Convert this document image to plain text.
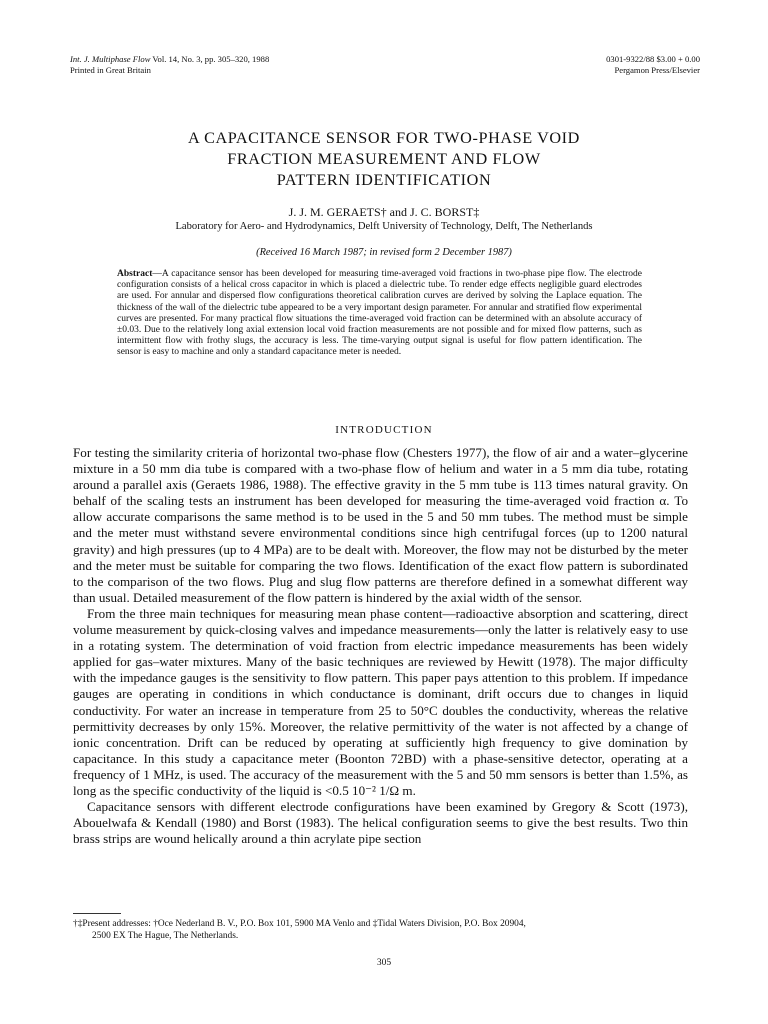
Int. J. Multiphase Flow Vol. 14, No. 3, pp. 305–320, 1988
Printed in Great Britain
0301-9322/88 $3.00 + 0.00
Pergamon Press/Elsevier
A CAPACITANCE SENSOR FOR TWO-PHASE VOID
FRACTION MEASUREMENT AND FLOW
PATTERN IDENTIFICATION
J. J. M. GERAETS† and J. C. BORST‡
Laboratory for Aero- and Hydrodynamics, Delft University of Technology, Delft, The Netherlands
(Received 16 March 1987; in revised form 2 December 1987)
Abstract—A capacitance sensor has been developed for measuring time-averaged void fractions in two-phase pipe flow. The electrode configuration consists of a helical cross capacitor in which is placed a dielectric tube. To render edge effects negligible guard electrodes are used. For annular and dispersed flow configurations theoretical calibration curves are derived by solving the Laplace equation. The thickness of the wall of the dielectric tube appeared to be a very important design parameter. For annular and stratified flow experimental curves are presented. For many practical flow situations the time-averaged void fraction can be determined with an absolute accuracy of ±0.03. Due to the relatively long axial extension local void fraction measurements are not possible and for mixed flow patterns, such as intermittent flow with frothy slugs, the accuracy is less. The time-varying output signal is useful for flow pattern identification. The sensor is easy to machine and only a standard capacitance meter is needed.
INTRODUCTION

For testing the similarity criteria of horizontal two-phase flow (Chesters 1977), the flow of air and a water–glycerine mixture in a 50 mm dia tube is compared with a two-phase flow of helium and water in a 5 mm dia tube, rotating around a parallel axis (Geraets 1986, 1988). The effective gravity in the 5 mm tube is 113 times natural gravity. On behalf of the scaling tests an instrument has been developed for measuring the time-averaged void fraction α. To allow accurate comparisons the same method is to be used in the 5 and 50 mm tubes. The method must be simple and the meter must withstand severe environmental conditions since high centrifugal forces (up to 1200 natural gravity) and high pressures (up to 4 MPa) are to be dealt with. Moreover, the flow may not be disturbed by the meter and the meter must be suitable for comparing the two flows. Identification of the exact flow pattern is subordinated to the comparison of the two flows. Plug and slug flow patterns are therefore defined in a somewhat different way than usual. Detailed measurement of the flow pattern is hindered by the axial width of the sensor.

From the three main techniques for measuring mean phase content—radioactive absorption and scattering, direct volume measurement by quick-closing valves and impedance measurements—only the latter is relatively easy to use in a rotating system. The determination of void fraction from electric impedance measurements has been widely applied for gas–water mixtures. Many of the basic techniques are reviewed by Hewitt (1978). The major difficulty with the impedance gauges is the sensitivity to flow pattern. This paper pays attention to this problem. If impedance gauges are operating in conditions in which conductance is dominant, drift occurs due to changes in liquid conductivity. For water an increase in temperature from 25 to 50°C doubles the conductivity, whereas the relative permittivity decreases by only 15%. Moreover, the relative permittivity of the water is not affected by a change of ionic concentration. Drift can be reduced by operating at sufficiently high frequency to give domination by capacitance. In this study a capacitance meter (Boonton 72BD) with a phase-sensitive detector, operating at a frequency of 1 MHz, is used. The accuracy of the measurement with the 5 and 50 mm sensors is better than 1.5%, as long as the specific conductivity of the liquid is <0.5 10⁻² 1/Ω m.

Capacitance sensors with different electrode configurations have been examined by Gregory & Scott (1973), Abouelwafa & Kendall (1980) and Borst (1983). The helical configuration seems to give the best results. Two thin brass strips are wound helically around a thin acrylate pipe section

†‡Present addresses: †Oce Nederland B. V., P.O. Box 101, 5900 MA Venlo and ‡Tidal Waters Division, P.O. Box 20904,
2500 EX The Hague, The Netherlands.
305
